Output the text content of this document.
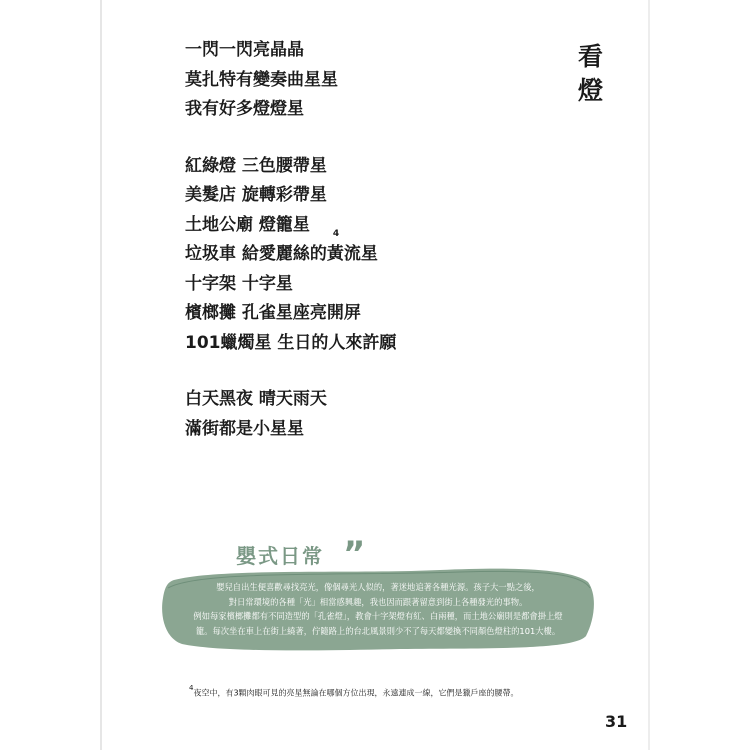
看
燈
一閃一閃亮晶晶
莫扎特有變奏曲星星
我有好多燈燈星
紅綠燈 三色腰帶星
美髮店 旋轉彩帶星
土地公廟 燈籠星
垃圾車 給愛麗絲的
4
黃流星
十字架 十字星
檳榔攤 孔雀星座亮開屏
101蠟燭星 生日的人來許願
白天黑夜 晴天雨天
滿街都是小星星
嬰式日常 ”
嬰兒自出生便喜歡尋找亮光，像個尋光人似的，著迷地追著各種光源。孩子大一點之後，
對日常環境的各種「光」相當感興趣，我也因而跟著留意到街上各種發光的事物。
例如每家檳榔攤都有不同造型的「孔雀燈」，教會十字架燈有紅、白兩種，而土地公廟則是都會掛上燈
籠。每次坐在車上在街上繞著，佇隨路上的台北風景則少不了每天都變換不同顏色燈柱的101大樓。
$^4$夜空中，有3顆肉眼可見的亮星無論在哪個方位出現，永遠連成一線，它們是獵戶座的腰帶。
31
